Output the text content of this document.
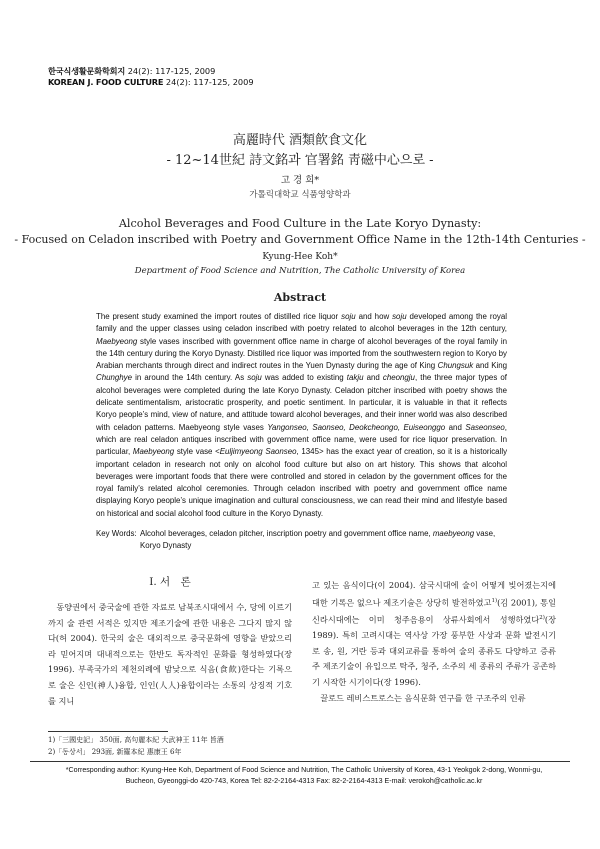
한국식생활문화학회지 24(2): 117-125, 2009
KOREAN J. FOOD CULTURE 24(2): 117-125, 2009
高麗時代 酒類飮食文化
- 12~14世紀 詩文銘과 官署銘 靑磁中心으로 -
고 경 희*
가톨릭대학교 식품영양학과
Alcohol Beverages and Food Culture in the Late Koryo Dynasty:
- Focused on Celadon inscribed with Poetry and Government Office Name in the 12th-14th Centuries -
Kyung-Hee Koh*
Department of Food Science and Nutrition, The Catholic University of Korea
Abstract
The present study examined the import routes of distilled rice liquor soju and how soju developed among the royal family and the upper classes using celadon inscribed with poetry related to alcohol beverages in the 12th century, Maebyeong style vases inscribed with government office name in charge of alcohol beverages of the royal family in the 14th century during the Koryo Dynasty. Distilled rice liquor was imported from the southwestern region to Koryo by Arabian merchants through direct and indirect routes in the Yuen Dynasty during the age of King Chungsuk and King Chunghye in around the 14th century. As soju was added to existing takju and cheongju, the three major types of alcohol beverages were completed during the late Koryo Dynasty. Celadon pitcher inscribed with poetry shows the delicate sentimentalism, aristocratic prosperity, and poetic sentiment. In particular, it is valuable in that it reflects Koryo people’s mind, view of nature, and attitude toward alcohol beverages, and their inner world was also described with celadon patterns. Maebyeong style vases Yangonseo, Saonseo, Deokcheongo, Euiseonggo and Saseonseo, which are real celadon antiques inscribed with government office name, were used for rice liquor preservation. In particular, Maebyeong style vase <Euljimyeong Saonseo, 1345> has the exact year of creation, so it is a historically important celadon in research not only on alcohol food culture but also on art history. This shows that alcohol beverages were important foods that there were controlled and stored in celadon by the government offices for the royal family’s related alcohol ceremonies. Through celadon inscribed with poetry and government office name displaying Koryo people’s unique imagination and cultural consciousness, we can read their mind and lifestyle based on historical and social alcohol food culture in the Koryo Dynasty.
Key Words: Alcohol beverages, celadon pitcher, inscription poetry and government office name, maebyeong vase, Koryo Dynasty
I. 서　론
　동양권에서 중국술에 관한 자료로 남북조시대에서 수, 당에 이르기까지 술 관련 서적은 있지만 제조기술에 관한 내용은 그다지 많지 않다(허 2004). 한국의 술은 대외적으로 중국문화에 영향을 받았으리라 믿어지며 대내적으로는 한반도 독자적인 문화를 형성하였다(장 1996). 부족국가의 제천의례에 밤낮으로 식음(食飮)한다는 기록으로 술은 신인(神人)융합, 인인(人人)융합이라는 소통의 상징적 기호를 지니
고 있는 음식이다(이 2004). 삼국시대에 술이 어떻게 빚어졌는지에 대한 기록은 없으나 제조기술은 상당히 발전하였고$^{1)}$(김 2001), 통일신라시대에는 이미 청주음용이 상류사회에서 성행하였다$^{2)}$(장 1989). 특히 고려시대는 역사상 가장 풍부한 사상과 문화 발전시기로 송, 원, 거란 등과 대외교류를 통하여 술의 종류도 다양하고 증류주 제조기술이 유입으로 탁주, 청주, 소주의 세 종류의 주류가 공존하기 시작한 시기이다(장 1996).
　끌로드 레비스트로스는 음식문화 연구를 한 구조주의 인류
1)「三國史記」 350面, 高句麗本紀 大武神王 11年 旨酒
2)「동상서」 293面, 新羅本紀 惠康王 6年
*Corresponding author: Kyung-Hee Koh, Department of Food Science and Nutrition, The Catholic University of Korea, 43-1 Yeokgok 2-dong, Wonmi-gu,
Bucheon, Gyeonggi-do 420-743, Korea Tel: 82-2-2164-4313 Fax: 82-2-2164-4313 E-mail: verokoh@catholic.ac.kr
